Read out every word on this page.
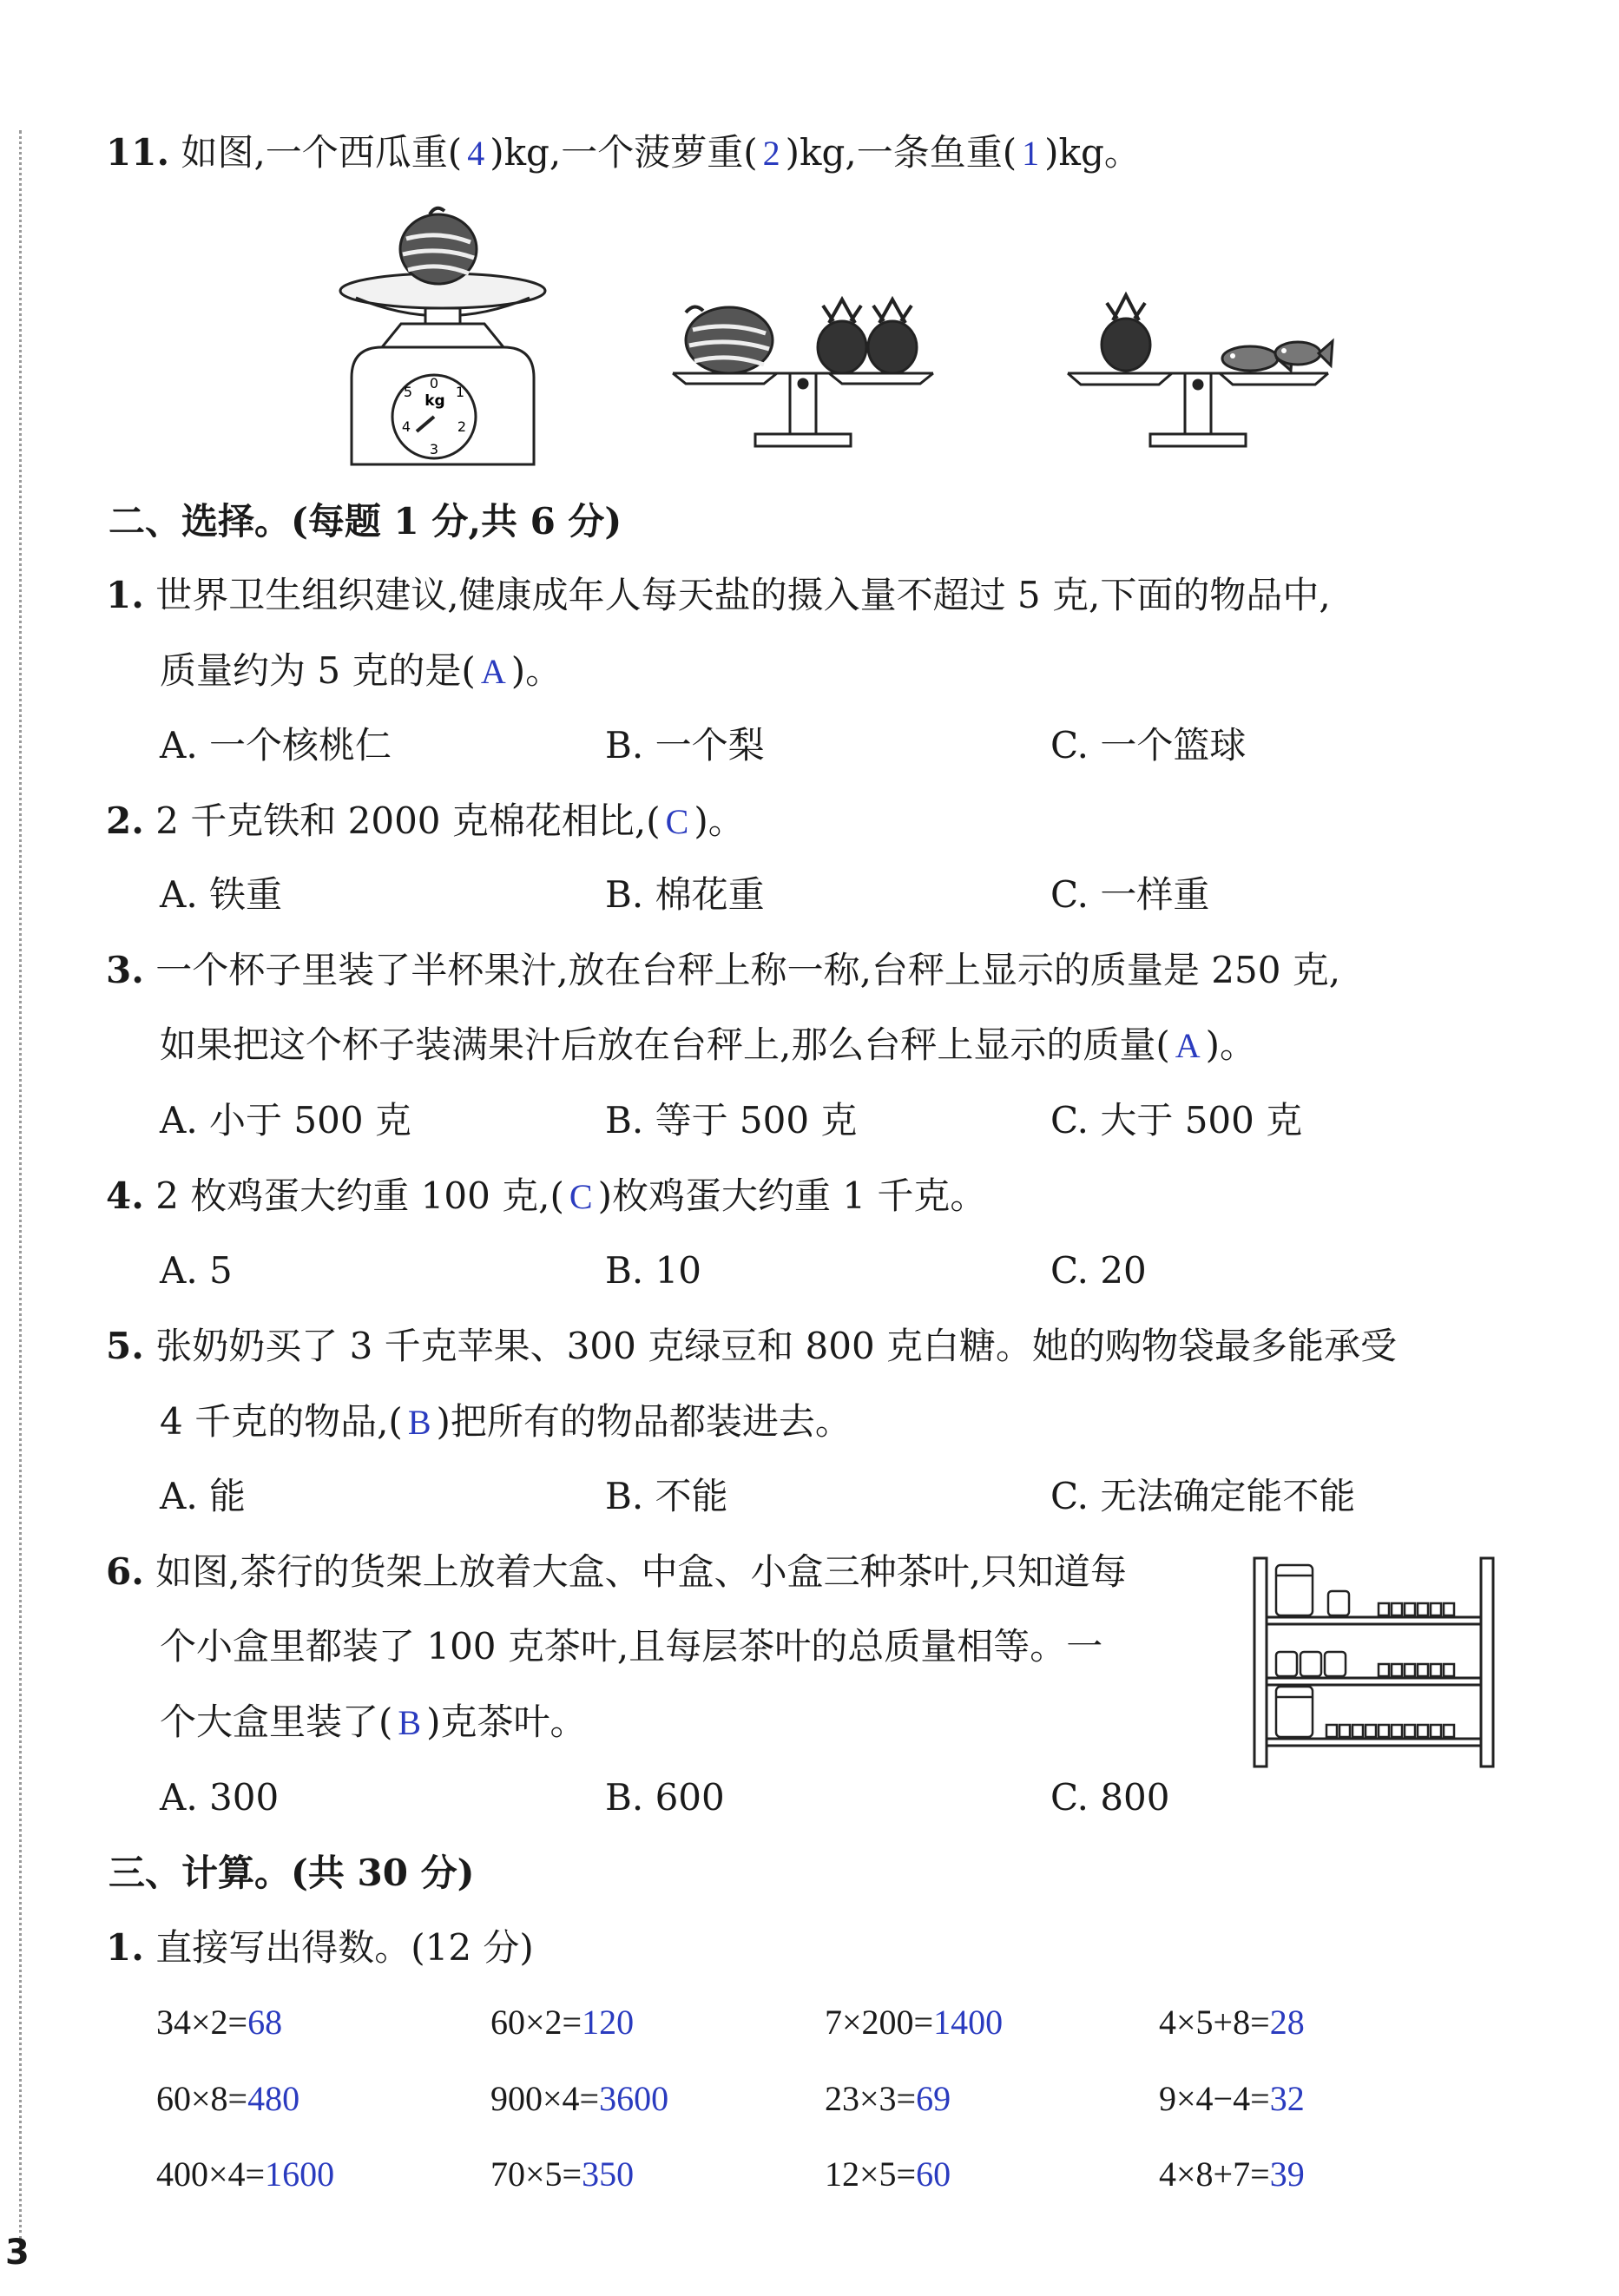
11. 如图,一个西瓜重( 4 )kg,一个菠萝重( 2 )kg,一条鱼重( 1 )kg。
0
1
2
3
4
5
kg
二、选择。(每题 1 分,共 6 分)
1. 世界卫生组织建议,健康成年人每天盐的摄入量不超过 5 克,下面的物品中,
质量约为 5 克的是( A )。
A. 一个核桃仁	B. 一个梨	C. 一个篮球
2. 2 千克铁和 2000 克棉花相比,( C )。
A. 铁重	B. 棉花重	C. 一样重
3. 一个杯子里装了半杯果汁,放在台秤上称一称,台秤上显示的质量是 250 克,
如果把这个杯子装满果汁后放在台秤上,那么台秤上显示的质量( A )。
A. 小于 500 克	B. 等于 500 克	C. 大于 500 克
4. 2 枚鸡蛋大约重 100 克,( C )枚鸡蛋大约重 1 千克。
A. 5	B. 10	C. 20
5. 张奶奶买了 3 千克苹果、300 克绿豆和 800 克白糖。她的购物袋最多能承受
4 千克的物品,( B )把所有的物品都装进去。
A. 能	B. 不能	C. 无法确定能不能
6. 如图,茶行的货架上放着大盒、中盒、小盒三种茶叶,只知道每
个小盒里都装了 100 克茶叶,且每层茶叶的总质量相等。一
个大盒里装了( B )克茶叶。
A. 300	B. 600	C. 800
三、计算。(共 30 分)
1. 直接写出得数。(12 分)
34×2=68	60×2=120	7×200=1400	4×5+8=28
60×8=480	900×4=3600	23×3=69	9×4−4=32
400×4=1600	70×5=350	12×5=60	4×8+7=39
3
